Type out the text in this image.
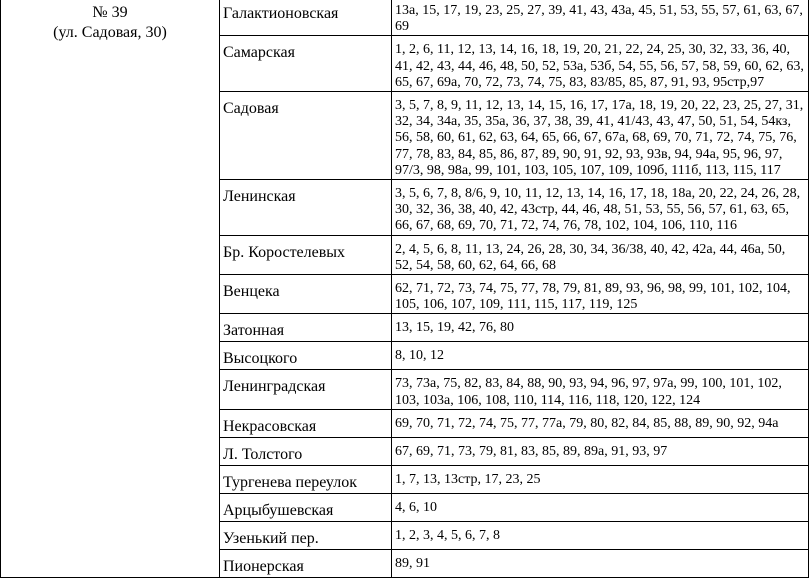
№ 39
(ул. Садовая, 30)	Галактионовская	13а, 15, 17, 19, 23, 25, 27, 39, 41, 43, 43а, 45, 51, 53, 55, 57, 61, 63, 67, 69
	Самарская	1, 2, 6, 11, 12, 13, 14, 16, 18, 19, 20, 21, 22, 24, 25, 30, 32, 33, 36, 40, 41, 42, 43, 44, 46, 48, 50, 52, 53а, 53б, 54, 55, 56, 57, 58, 59, 60, 62, 63, 65, 67, 69а, 70, 72, 73, 74, 75, 83, 83/85, 85, 87, 91, 93, 95стр,97
	Садовая	3, 5, 7, 8, 9, 11, 12, 13, 14, 15, 16, 17, 17а, 18, 19, 20, 22, 23, 25, 27, 31, 32, 34, 34а, 35, 35а, 36, 37, 38, 39, 41, 41/43, 43, 47, 50, 51, 54, 54кз, 56, 58, 60, 61, 62, 63, 64, 65, 66, 67, 67а, 68, 69, 70, 71, 72, 74, 75, 76, 77, 78, 83, 84, 85, 86, 87, 89, 90, 91, 92, 93, 93в, 94, 94а, 95, 96, 97, 97/3, 98, 98а, 99, 101, 103, 105, 107, 109, 109б, 111б, 113, 115, 117
	Ленинская	3, 5, 6, 7, 8, 8/6, 9, 10, 11, 12, 13, 14, 16, 17, 18, 18а, 20, 22, 24, 26, 28, 30, 32, 36, 38, 40, 42, 43стр, 44, 46, 48, 51, 53, 55, 56, 57, 61, 63, 65, 66, 67, 68, 69, 70, 71, 72, 74, 76, 78, 102, 104, 106, 110, 116
	Бр. Коростелевых	2, 4, 5, 6, 8, 11, 13, 24, 26, 28, 30, 34, 36/38, 40, 42, 42а, 44, 46а, 50, 52, 54, 58, 60, 62, 64, 66, 68
	Венцека	62, 71, 72, 73, 74, 75, 77, 78, 79, 81, 89, 93, 96, 98, 99, 101, 102, 104, 105, 106, 107, 109, 111, 115, 117, 119, 125
	Затонная	13, 15, 19, 42, 76, 80
	Высоцкого	8, 10, 12
	Ленинградская	73, 73а, 75, 82, 83, 84, 88, 90, 93, 94, 96, 97, 97а, 99, 100, 101, 102, 103, 103а, 106, 108, 110, 114, 116, 118, 120, 122, 124
	Некрасовская	69, 70, 71, 72, 74, 75, 77, 77а, 79, 80, 82, 84, 85, 88, 89, 90, 92, 94а
	Л. Толстого	67, 69, 71, 73, 79, 81, 83, 85, 89, 89а, 91, 93, 97
	Тургенева переулок	1, 7, 13, 13стр, 17, 23, 25
	Арцыбушевская	4, 6, 10
	Узенький пер.	1, 2, 3, 4, 5, 6, 7, 8
	Пионерская	89, 91
